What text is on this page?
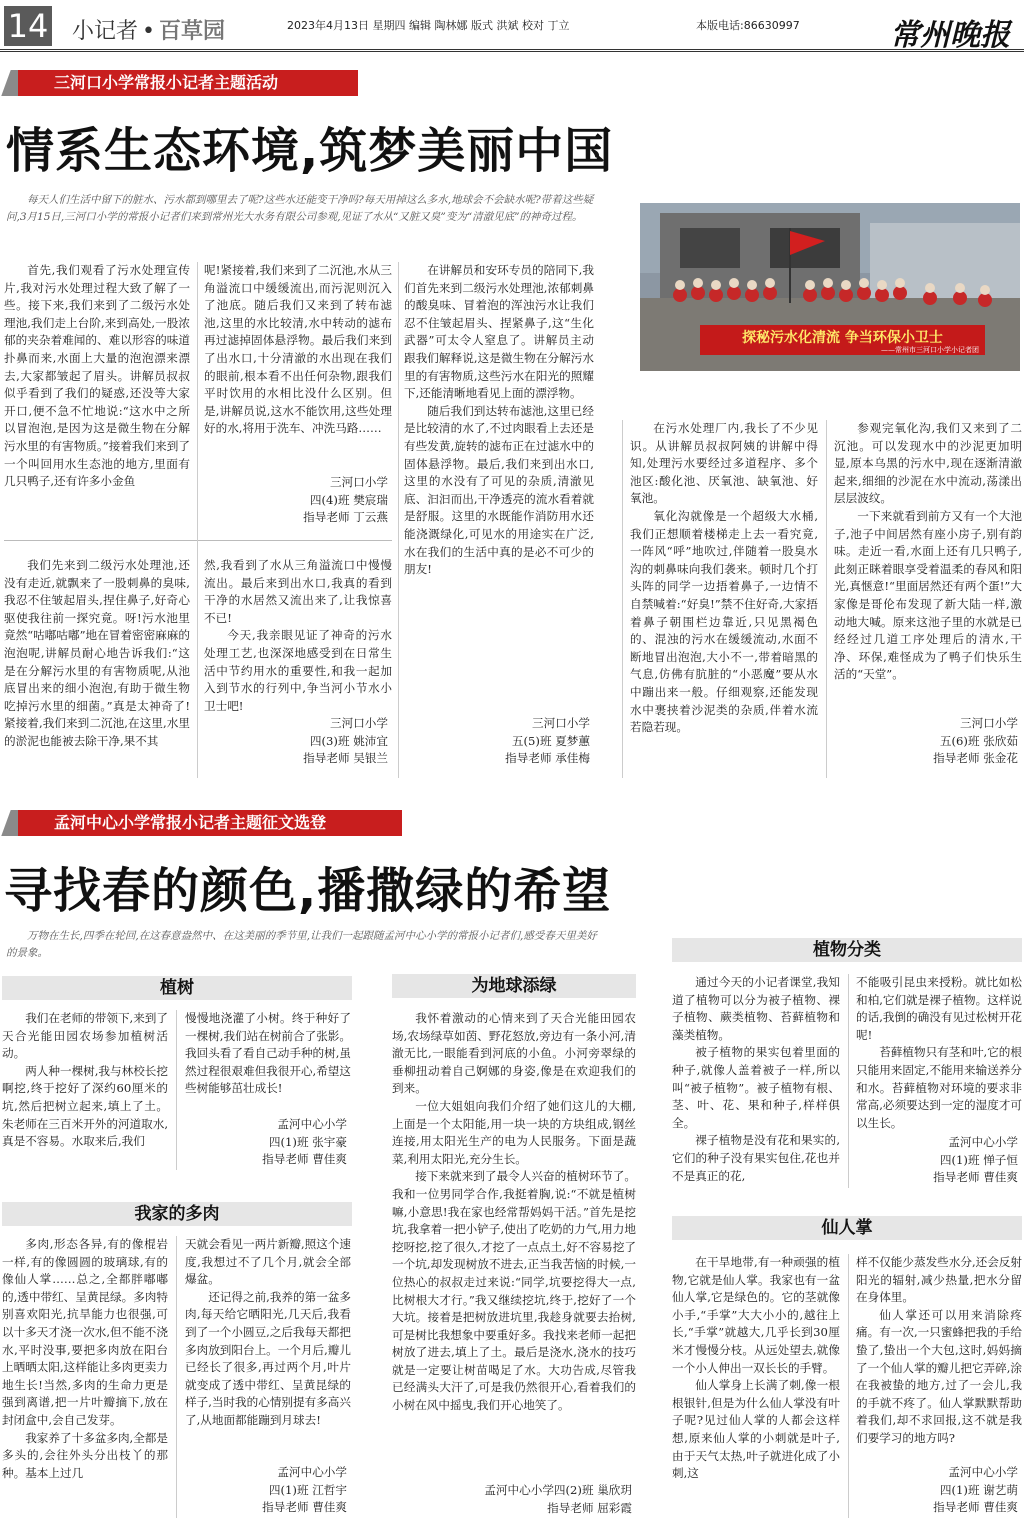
14 小记者 • 百草园	2023年4月13日 星期四 编辑 陶林娜 版式 洪斌 校对 丁立	本版电话:86630997	常州晚报
三河口小学常报小记者主题活动
情系生态环境,筑梦美丽中国
每天人们生活中留下的脏水、污水都到哪里去了呢?这些水还能变干净吗?每天用掉这么多水,地球会不会缺水呢?带着这些疑问,3月15日,三河口小学的常报小记者们来到常州光大水务有限公司参观,见证了水从“又脏又臭”变为“清澈见底”的神奇过程。
探秘污水化清流 争当环保小卫士
——常州市三河口小学小记者团

首先,我们观看了污水处理宣传片,我对污水处理过程大致了解了一些。接下来,我们来到了二级污水处理池,我们走上台阶,来到高处,一股浓郁的夹杂着难闻的、难以形容的味道扑鼻而来,水面上大量的泡泡漂来漂去,大家都皱起了眉头。讲解员叔叔似乎看到了我们的疑惑,还没等大家开口,便不急不忙地说:“这水中之所以冒泡泡,是因为这是微生物在分解污水里的有害物质。”接着我们来到了一个叫回用水生态池的地方,里面有几只鸭子,还有许多小金鱼

呢!紧接着,我们来到了二沉池,水从三角溢流口中缓缓流出,而污泥则沉入了池底。随后我们又来到了转布滤池,这里的水比较清,水中转动的滤布再过滤掉固体悬浮物。最后我们来到了出水口,十分清澈的水出现在我们的眼前,根本看不出任何杂物,跟我们平时饮用的水相比没什么区别。但是,讲解员说,这水不能饮用,这些处理好的水,将用于洗车、冲洗马路……

三河口小学
四(4)班 樊宸瑞
指导老师 丁云燕

我们先来到二级污水处理池,还没有走近,就飘来了一股刺鼻的臭味,我忍不住皱起眉头,捏住鼻子,好奇心驱使我往前一探究竟。呀!污水池里竟然“咕嘟咕嘟”地在冒着密密麻麻的泡泡呢,讲解员耐心地告诉我们:“这是在分解污水里的有害物质呢,从池底冒出来的细小泡泡,有助于微生物吃掉污水里的细菌。”真是太神奇了!紧接着,我们来到二沉池,在这里,水里的淤泥也能被去除干净,果不其

然,我看到了水从三角溢流口中慢慢流出。最后来到出水口,我真的看到干净的水居然又流出来了,让我惊喜不已!

今天,我亲眼见证了神奇的污水处理工艺,也深深地感受到在日常生活中节约用水的重要性,和我一起加入到节水的行列中,争当河小节水小卫士吧!

三河口小学
四(3)班 姚沛宜
指导老师 吴银兰

在讲解员和安环专员的陪同下,我们首先来到二级污水处理池,浓郁刺鼻的酸臭味、冒着泡的浑浊污水让我们忍不住皱起眉头、捏紧鼻子,这“生化武器”可太令人窒息了。讲解员主动跟我们解释说,这是微生物在分解污水里的有害物质,这些污水在阳光的照耀下,还能清晰地看见上面的漂浮物。

随后我们到达转布滤池,这里已经是比较清的水了,不过肉眼看上去还是有些发黄,旋转的滤布正在过滤水中的固体悬浮物。最后,我们来到出水口,这里的水没有了可见的杂质,清澈见底、汩汩而出,干净透亮的流水看着就是舒服。这里的水既能作消防用水还能浇溉绿化,可见水的用途实在广泛,水在我们的生活中真的是必不可少的朋友!

三河口小学
五(5)班 夏梦蕙
指导老师 承佳梅

在污水处理厂内,我长了不少见识。从讲解员叔叔阿姨的讲解中得知,处理污水要经过多道程序、多个池区:酸化池、厌氧池、缺氧池、好氧池。

氧化沟就像是一个超级大水桶,我们正想顺着楼梯走上去一看究竟,一阵风“呼”地吹过,伴随着一股臭水沟的刺鼻味向我们袭来。顿时几个打头阵的同学一边捂着鼻子,一边情不自禁喊着:“好臭!”禁不住好奇,大家捂着鼻子朝围栏边靠近,只见黑褐色的、混浊的污水在缓缓流动,水面不断地冒出泡泡,大小不一,带着暗黑的气息,仿佛有肮脏的“小恶魔”要从水中蹦出来一般。仔细观察,还能发现水中裹挟着沙泥类的杂质,伴着水流若隐若现。

参观完氧化沟,我们又来到了二沉池。可以发现水中的沙泥更加明显,原本乌黑的污水中,现在逐渐清澈起来,细细的沙泥在水中流动,荡漾出层层波纹。

一下来就看到前方又有一个大池子,池子中间居然有座小房子,别有韵味。走近一看,水面上还有几只鸭子,此刻正眯着眼享受着温柔的春风和阳光,真惬意!“里面居然还有两个蛋!”大家像是哥伦布发现了新大陆一样,激动地大喊。原来这池子里的水就是已经经过几道工序处理后的清水,干净、环保,难怪成为了鸭子们快乐生活的“天堂”。

三河口小学
五(6)班 张欣茹
指导老师 张金花
孟河中心小学常报小记者主题征文选登
寻找春的颜色,播撒绿的希望
万物在生长,四季在轮回,在这春意盎然中、在这美丽的季节里,让我们一起跟随孟河中心小学的常报小记者们,感受春天里美好的景象。
植树

我们在老师的带领下,来到了天合光能田园农场参加植树活动。

两人种一棵树,我与林校长挖啊挖,终于挖好了深约60厘米的坑,然后把树立起来,填上了土。朱老师在三百米开外的河道取水,真是不容易。水取来后,我们

慢慢地浇灌了小树。终于种好了一棵树,我们站在树前合了张影。我回头看了看自己动手种的树,虽然过程很艰难但我很开心,希望这些树能够茁壮成长!

孟河中心小学
四(1)班 张宇豪
指导老师 曹佳爽
我家的多肉

多肉,形态各异,有的像棍岩一样,有的像圆圆的玻璃球,有的像仙人掌……总之,全都胖嘟嘟的,透中带红、呈黄昆绿。多肉特别喜欢阳光,抗旱能力也很强,可以十多天才浇一次水,但不能不浇水,平时没事,要把多肉放在阳台上晒晒太阳,这样能让多肉更卖力地生长!当然,多肉的生命力更是强到离谱,把一片叶瓣摘下,放在封闭盒中,会自己发芽。

我家养了十多盆多肉,全都是多头的,会往外头分出枝丫的那种。基本上过几

天就会看见一两片新瓣,照这个速度,我想过不了几个月,就会全部爆盆。

还记得之前,我养的第一盆多肉,每天给它晒阳光,几天后,我看到了一个小圆豆,之后我每天都把多肉放到阳台上。一个月后,瓣儿已经长了很多,再过两个月,叶片就变成了透中带红、呈黄昆绿的样子,当时我的心情别提有多高兴了,从地面都能蹦到月球去!

孟河中心小学
四(1)班 江哲宇
指导老师 曹佳爽
为地球添绿

我怀着激动的心情来到了天合光能田园农场,农场绿草如茵、野花怒放,旁边有一条小河,清澈无比,一眼能看到河底的小鱼。小河旁翠绿的垂柳扭动着自己婀娜的身姿,像是在欢迎我们的到来。

一位大姐姐向我们介绍了她们这儿的大棚,上面是一个太阳能,用一块一块的方块组成,钢丝连接,用太阳光生产的电为人民服务。下面是蔬菜,利用太阳光,充分生长。

接下来就来到了最令人兴奋的植树环节了。我和一位男同学合作,我挺着胸,说:“不就是植树嘛,小意思!我在家也经常帮妈妈干活。”首先是挖坑,我拿着一把小铲子,使出了吃奶的力气,用力地挖呀挖,挖了很久,才挖了一点点土,好不容易挖了一个坑,却发现树放不进去,正当我苦恼的时候,一位热心的叔叔走过来说:“同学,坑要挖得大一点,比树根大才行。”我又继续挖坑,终于,挖好了一个大坑。接着是把树放进坑里,我趁身就要去抬树,可是树比我想象中要重好多。我找来老师一起把树放了进去,填上了土。最后是浇水,浇水的技巧就是一定要让树苗喝足了水。大功告成,尽管我已经满头大汗了,可是我仍然很开心,看着我们的小树在风中摇曳,我们开心地笑了。

孟河中心小学四(2)班 巢欣玥
指导老师 屈彩霞
植物分类

通过今天的小记者课堂,我知道了植物可以分为被子植物、裸子植物、蕨类植物、苔藓植物和藻类植物。

被子植物的果实包着里面的种子,就像人盖着被子一样,所以叫“被子植物”。被子植物有根、茎、叶、花、果和种子,样样俱全。

裸子植物是没有花和果实的,它们的种子没有果实包住,花也并不是真正的花,

不能吸引昆虫来授粉。就比如松和柏,它们就是裸子植物。这样说的话,我倒的确没有见过松树开花呢!

苔藓植物只有茎和叶,它的根只能用来固定,不能用来输送养分和水。苔藓植物对环境的要求非常高,必须要达到一定的湿度才可以生长。

孟河中心小学
四(1)班 惮子恒
指导老师 曹佳爽
仙人掌

在干旱地带,有一种顽强的植物,它就是仙人掌。我家也有一盆仙人掌,它是绿色的。它的茎就像小手,“手掌”大大小小的,越往上长,“手掌”就越大,几乎长到30厘米才慢慢分枝。从远处望去,就像一个小人伸出一双长长的手臂。

仙人掌身上长满了刺,像一根根银针,但是为什么仙人掌没有叶子呢?见过仙人掌的人都会这样想,原来仙人掌的小刺就是叶子,由于天气太热,叶子就进化成了小刺,这

样不仅能少蒸发些水分,还会反射阳光的辐射,减少热量,把水分留在身体里。

仙人掌还可以用来消除疼痛。有一次,一只蜜蜂把我的手给蛰了,蛰出一个大包,这时,妈妈摘了一个仙人掌的瓣儿把它弄碎,涂在我被蛰的地方,过了一会儿,我的手就不疼了。仙人掌默默帮助着我们,却不求回报,这不就是我们要学习的地方吗?

孟河中心小学
四(1)班 谢艺萌
指导老师 曹佳爽
